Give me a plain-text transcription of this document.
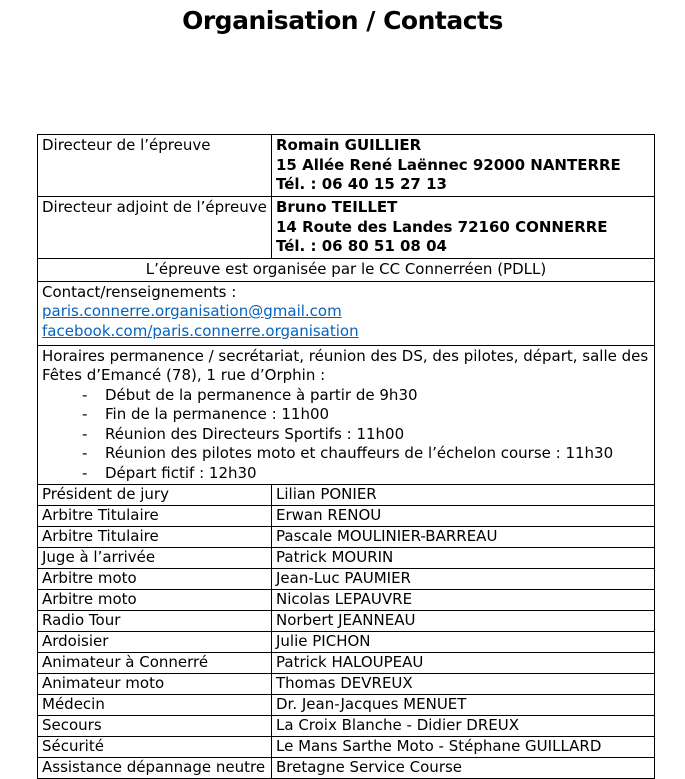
Organisation / Contacts
Directeur de l’épreuve	Romain GUILLIER
15 Allée René Laënnec 92000 NANTERRE
Tél. : 06 40 15 27 13

Directeur adjoint de l’épreuve	Bruno TEILLET
14 Route des Landes 72160 CONNERRE
Tél. : 06 80 51 08 04

L’épreuve est organisée par le CC Connerréen (PDLL)	

Contact/renseignements :
paris.connerre.organisation@gmail.com
facebook.com/paris.connerre.organisation	

Horaires permanence / secrétariat, réunion des DS, des pilotes, départ, salle des Fêtes d’Emancé (78), 1 rue d’Orphin :
-	Début de la permanence à partir de 9h30
-	Fin de la permanence : 11h00
-	Réunion des Directeurs Sportifs : 11h00
-	Réunion des pilotes moto et chauffeurs de l’échelon course : 11h30
-	Départ fictif : 12h30

Président de jury	Lilian PONIER
Arbitre Titulaire	Erwan RENOU
Arbitre Titulaire	Pascale MOULINIER-BARREAU
Juge à l’arrivée	Patrick MOURIN
Arbitre moto	Jean-Luc PAUMIER
Arbitre moto	Nicolas LEPAUVRE
Radio Tour	Norbert JEANNEAU
Ardoisier	Julie PICHON
Animateur à Connerré	Patrick HALOUPEAU
Animateur moto	Thomas DEVREUX
Médecin	Dr. Jean-Jacques MENUET
Secours	La Croix Blanche - Didier DREUX
Sécurité	Le Mans Sarthe Moto - Stéphane GUILLARD
Assistance dépannage neutre	Bretagne Service Course
